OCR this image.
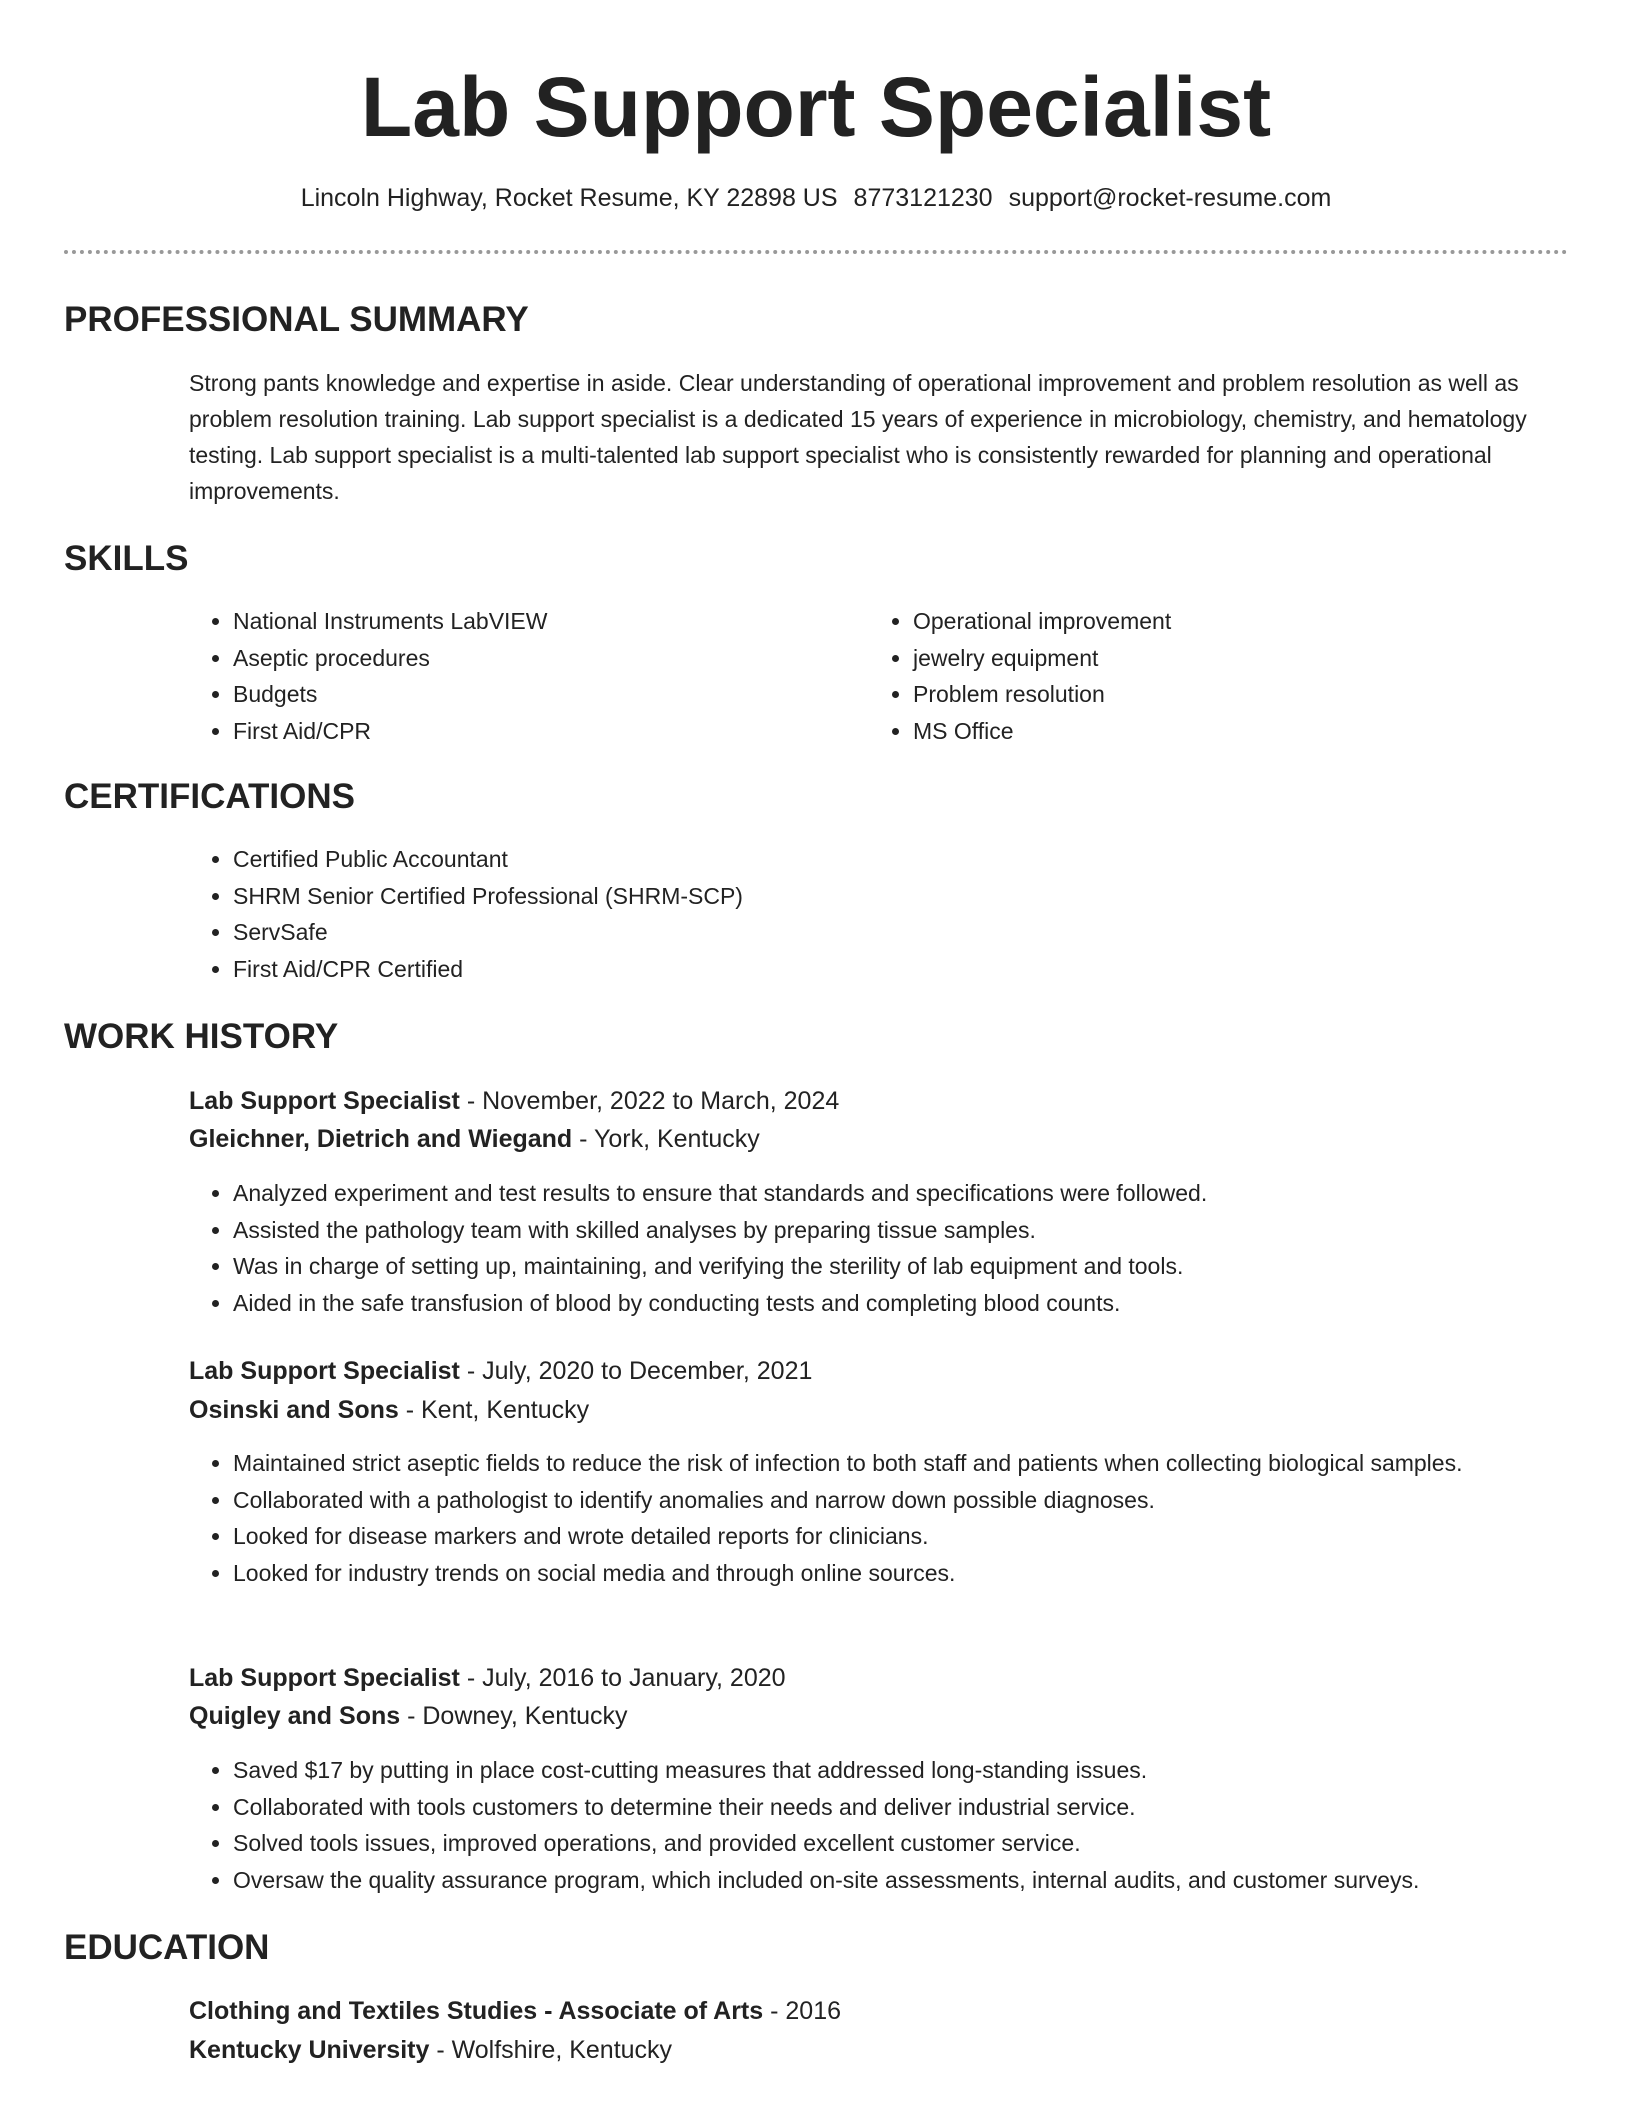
Lab Support Specialist
Lincoln Highway, Rocket Resume, KY 22898 US 8773121230 support@rocket-resume.com
PROFESSIONAL SUMMARY

Strong pants knowledge and expertise in aside. Clear understanding of operational improvement and problem resolution as well as problem resolution training. Lab support specialist is a dedicated 15 years of experience in microbiology, chemistry, and hematology testing. Lab support specialist is a multi-talented lab support specialist who is consistently rewarded for planning and operational improvements.

SKILLS
• National Instruments LabVIEW
• Aseptic procedures
• Budgets
• First Aid/CPR
• Operational improvement
• jewelry equipment
• Problem resolution
• MS Office
CERTIFICATIONS
• Certified Public Accountant
• SHRM Senior Certified Professional (SHRM-SCP)
• ServSafe
• First Aid/CPR Certified
WORK HISTORY
Lab Support Specialist - November, 2022 to March, 2024
Gleichner, Dietrich and Wiegand - York, Kentucky
• Analyzed experiment and test results to ensure that standards and specifications were followed.
• Assisted the pathology team with skilled analyses by preparing tissue samples.
• Was in charge of setting up, maintaining, and verifying the sterility of lab equipment and tools.
• Aided in the safe transfusion of blood by conducting tests and completing blood counts.
Lab Support Specialist - July, 2020 to December, 2021
Osinski and Sons - Kent, Kentucky
• Maintained strict aseptic fields to reduce the risk of infection to both staff and patients when collecting biological samples.
• Collaborated with a pathologist to identify anomalies and narrow down possible diagnoses.
• Looked for disease markers and wrote detailed reports for clinicians.
• Looked for industry trends on social media and through online sources.
Lab Support Specialist - July, 2016 to January, 2020
Quigley and Sons - Downey, Kentucky
• Saved $17 by putting in place cost-cutting measures that addressed long-standing issues.
• Collaborated with tools customers to determine their needs and deliver industrial service.
• Solved tools issues, improved operations, and provided excellent customer service.
• Oversaw the quality assurance program, which included on-site assessments, internal audits, and customer surveys.
EDUCATION
Clothing and Textiles Studies - Associate of Arts - 2016
Kentucky University - Wolfshire, Kentucky
